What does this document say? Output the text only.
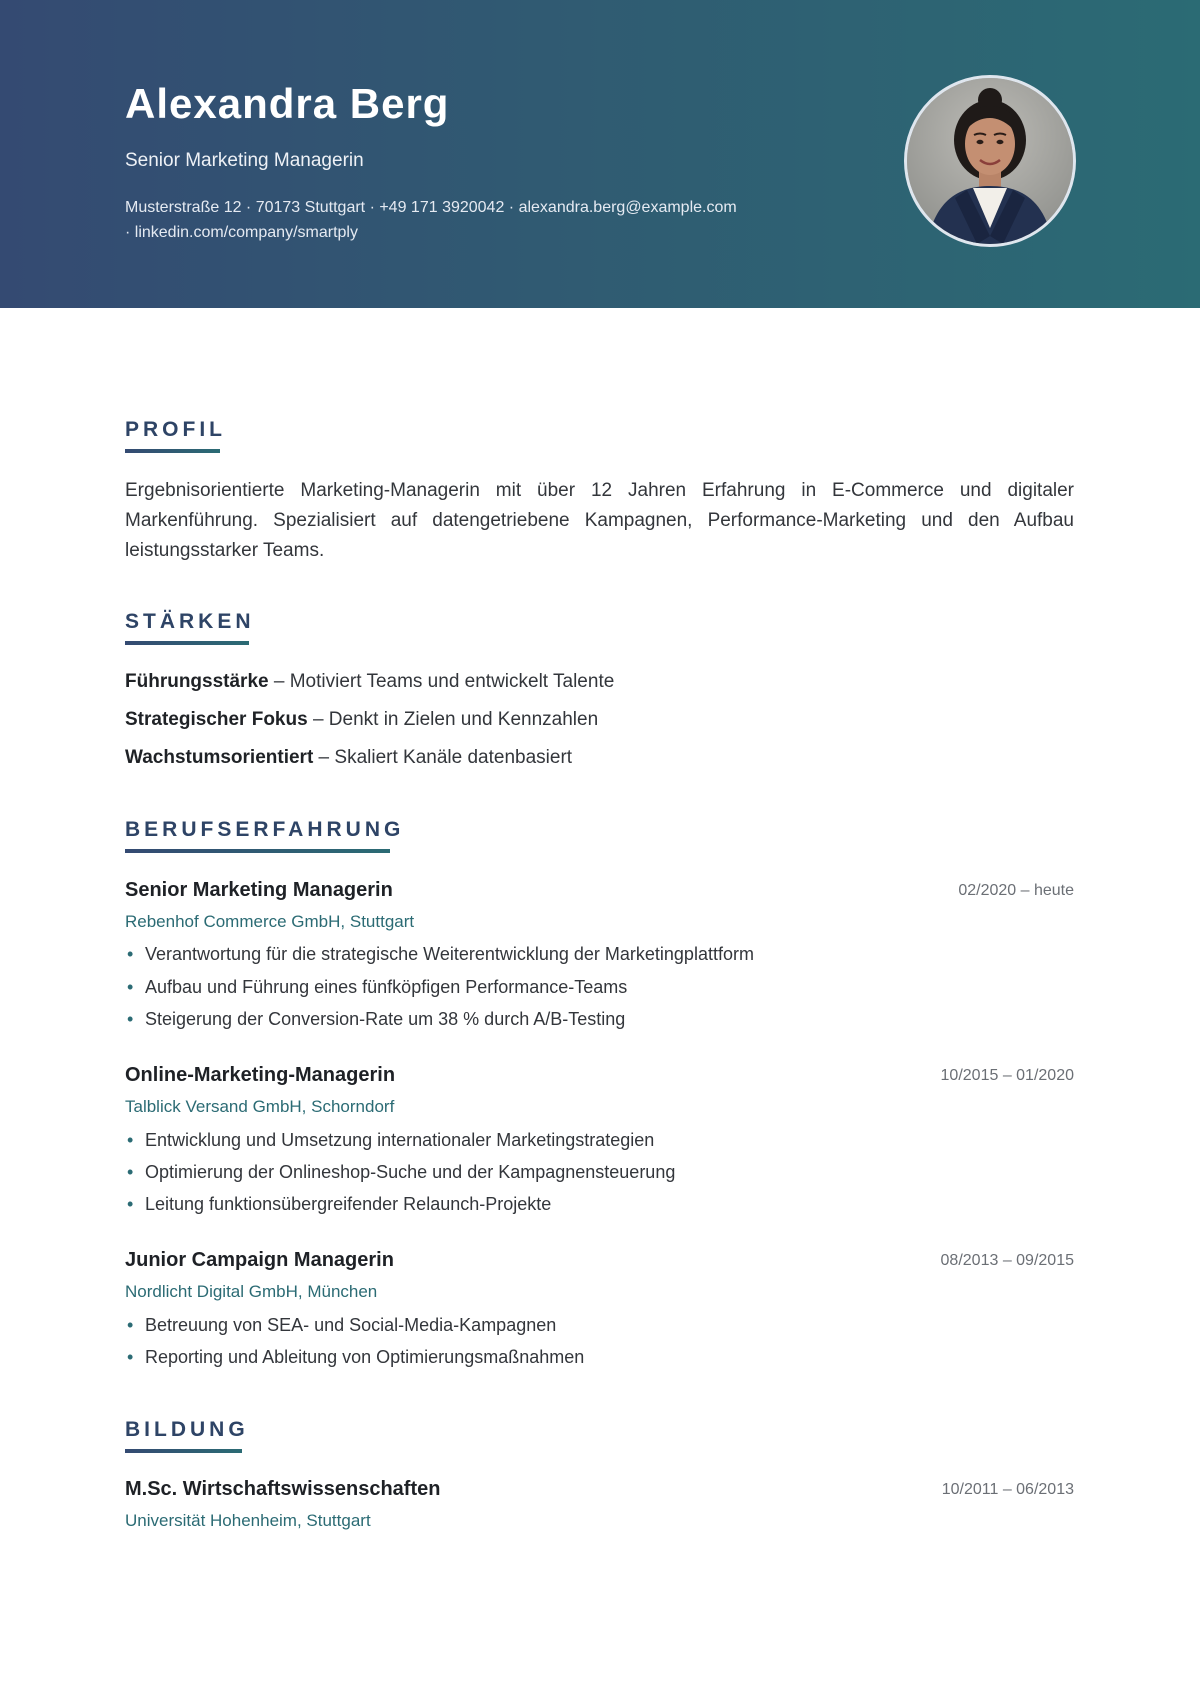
Alexandra Berg
Senior Marketing Managerin
Musterstraße 12 · 70173 Stuttgart · +49 171 3920042 · alexandra.berg@example.com
· linkedin.com/company/smartply
PROFIL

Ergebnisorientierte Marketing-Managerin mit über 12 Jahren Erfahrung in E-Commerce und digitaler Markenführung. Spezialisiert auf datengetriebene Kampagnen, Performance-Marketing und den Aufbau leistungsstarker Teams.

STÄRKEN
Führungsstärke – Motiviert Teams und entwickelt Talente
Strategischer Fokus – Denkt in Zielen und Kennzahlen
Wachstumsorientiert – Skaliert Kanäle datenbasiert
BERUFSERFAHRUNG
Senior Marketing Managerin	02/2020 – heute
Rebenhof Commerce GmbH, Stuttgart
• Verantwortung für die strategische Weiterentwicklung der Marketingplattform
• Aufbau und Führung eines fünfköpfigen Performance-Teams
• Steigerung der Conversion-Rate um 38 % durch A/B-Testing
Online-Marketing-Managerin	10/2015 – 01/2020
Talblick Versand GmbH, Schorndorf
• Entwicklung und Umsetzung internationaler Marketingstrategien
• Optimierung der Onlineshop-Suche und der Kampagnensteuerung
• Leitung funktionsübergreifender Relaunch-Projekte
Junior Campaign Managerin	08/2013 – 09/2015
Nordlicht Digital GmbH, München
• Betreuung von SEA- und Social-Media-Kampagnen
• Reporting und Ableitung von Optimierungsmaßnahmen
BILDUNG
M.Sc. Wirtschaftswissenschaften	10/2011 – 06/2013
Universität Hohenheim, Stuttgart
